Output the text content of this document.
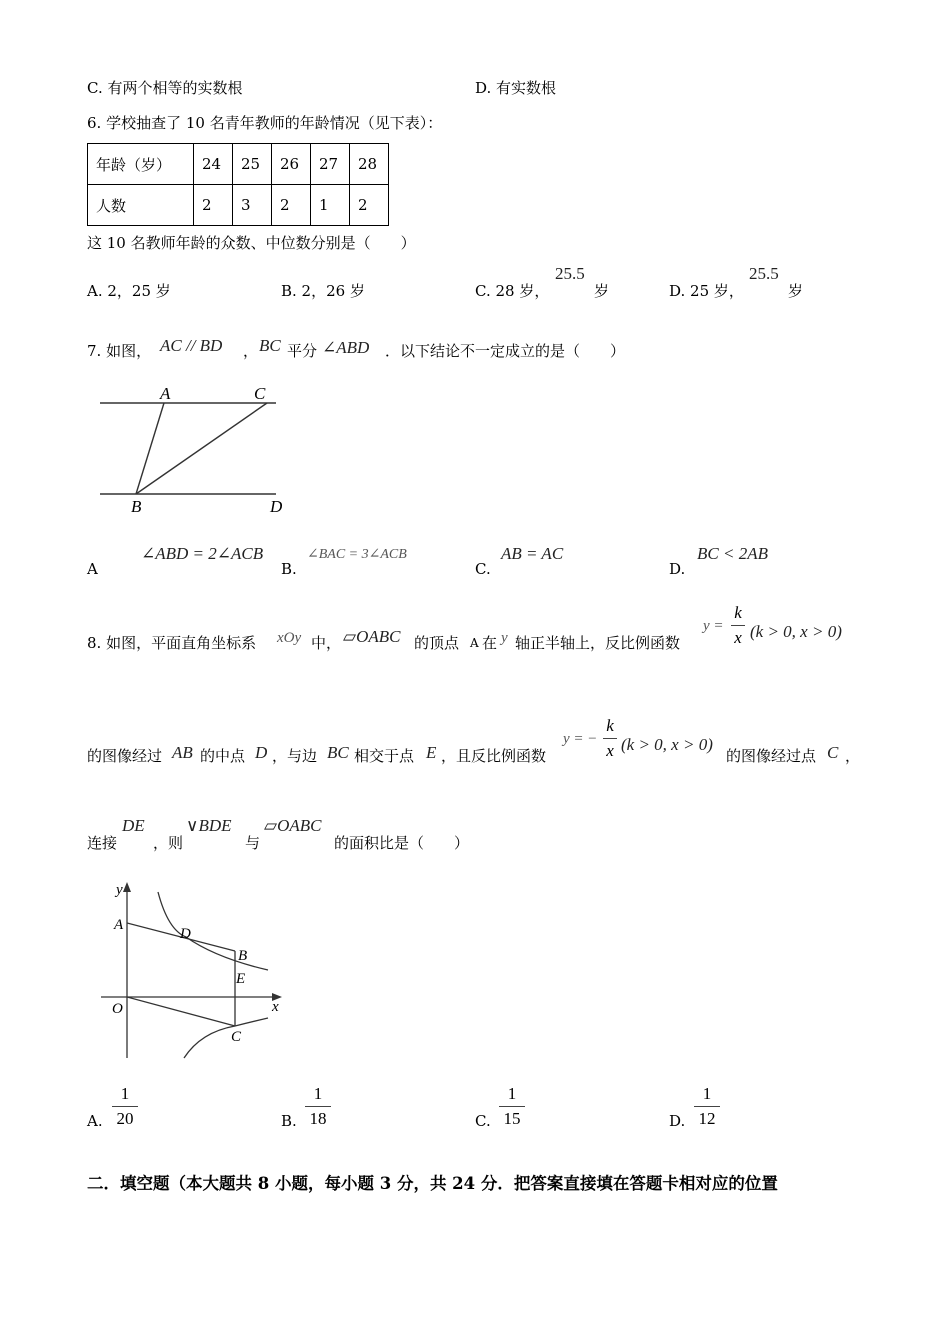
C. 有两个相等的实数根	D. 有实数根
6. 学校抽查了 10 名青年教师的年龄情况（见下表）：
年龄（岁）	24	25	26	27	28
人数	2	3	2	1	2
这 10 名教师年龄的众数、中位数分别是（　　）
A. 2，25 岁	B. 2，26 岁	C. 28 岁，
25.5
岁	D. 25 岁，
25.5
岁
7. 如图， AC // BD ， BC 平分 ∠ABD ．以下结论不一定成立的是（　　）
A	C
B	D
A
∠ABD = 2∠ACB
B.
∠BAC = 3∠ACB
C.
AB = AC
D.
BC < 2AB
8. 如图，平面直角坐标系 xOy 中， ▱OABC 的顶点 A 在 y 轴正半轴上，反比例函数
y =
k
x (k > 0, x > 0)
的图像经过 AB 的中点 D ，与边 BC 相交于点 E ，且反比例函数
y = −
k
x (k > 0, x > 0)
的图像经过点 C ，
连接
DE
，则
∨BDE
与
▱OABC
的面积比是（　　）
y
A
D
B
E
O	x
C
A.
1
20	B.
1
18	C.
1
15	D.
1
12
二．填空题（本大题共 8 小题，每小题 3 分，共 24 分．把答案直接填在答题卡相对应的位置
